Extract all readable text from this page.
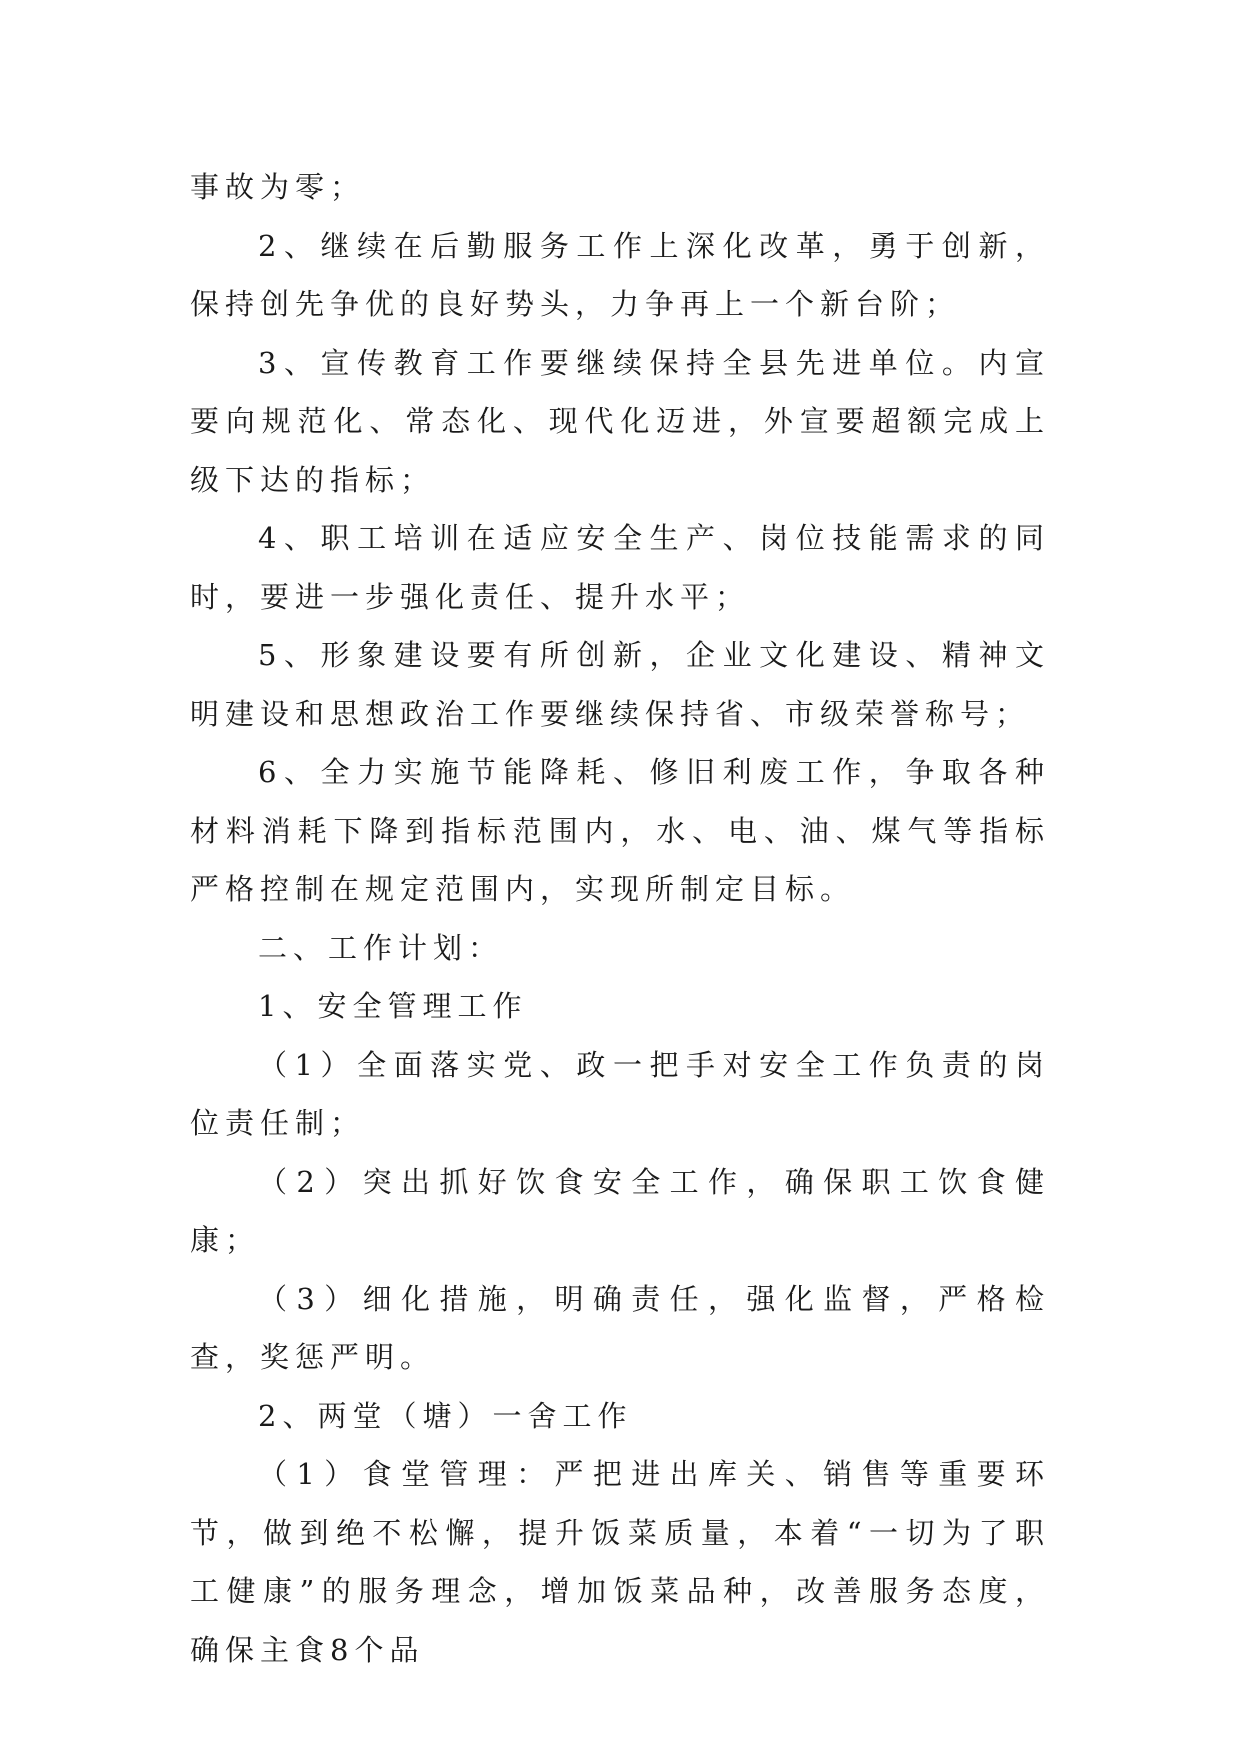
事故为零；

2、继续在后勤服务工作上深化改革，勇于创新，保持创先争优的良好势头，力争再上一个新台阶；

3、宣传教育工作要继续保持全县先进单位。内宣要向规范化、常态化、现代化迈进，外宣要超额完成上级下达的指标；

4、职工培训在适应安全生产、岗位技能需求的同时，要进一步强化责任、提升水平；

5、形象建设要有所创新，企业文化建设、精神文明建设和思想政治工作要继续保持省、市级荣誉称号；

6、全力实施节能降耗、修旧利废工作，争取各种材料消耗下降到指标范围内，水、电、油、煤气等指标严格控制在规定范围内，实现所制定目标。

二、工作计划：

1、安全管理工作

（1）全面落实党、政一把手对安全工作负责的岗位责任制；

（2）突出抓好饮食安全工作，确保职工饮食健康；

（3）细化措施，明确责任，强化监督，严格检查，奖惩严明。

2、两堂（塘）一舍工作

（1）食堂管理：严把进出库关、销售等重要环节，做到绝不松懈，提升饭菜质量，本着“一切为了职工健康”的服务理念，增加饭菜品种，改善服务态度，确保主食8个品
